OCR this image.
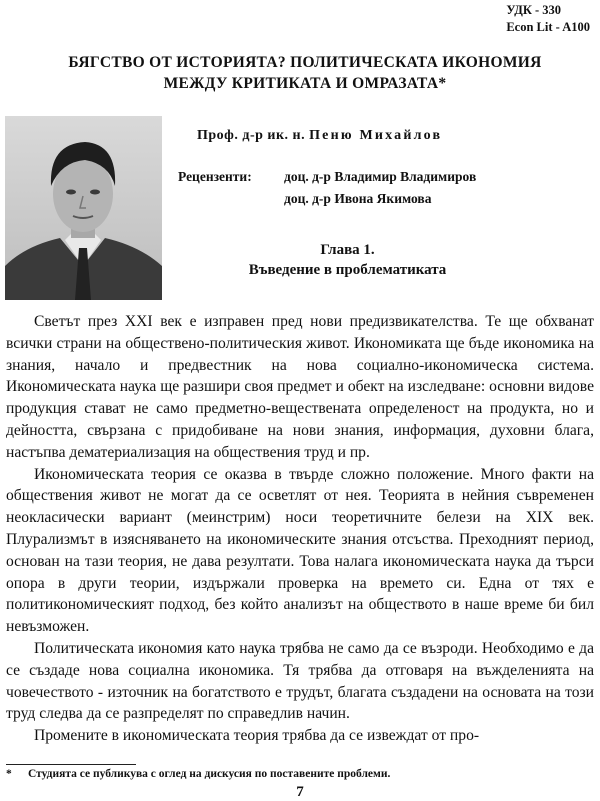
УДК - 330
Econ Lit - A100
БЯГСТВО ОТ ИСТОРИЯТА? ПОЛИТИЧЕСКАТА ИКОНОМИЯ
МЕЖДУ КРИТИКАТА И ОМРАЗАТА*
Проф. д-р ик. н. Пеню Михайлов
Рецензенти: доц. д-р Владимир Владимиров
доц. д-р Ивона Якимова
Глава 1.
Въведение в проблематиката

Светът през XXI век е изправен пред нови предизвикателства. Те ще обхванат всички страни на обществено-политическия живот. Икономиката ще бъде икономика на знания, начало и предвестник на нова социално-икономическа система. Икономическата наука ще разшири своя предмет и обект на изследване: основни видове продукция стават не само предметно-веществената определеност на продукта, но и дейността, свързана с придобиване на нови знания, информация, духовни блага, настъпва дематериализация на обществения труд и пр.

Икономическата теория се оказва в твърде сложно положение. Много факти на обществения живот не могат да се осветлят от нея. Теорията в нейния съвременен неокласически вариант (меинстрим) носи теоретичните белези на XIX век. Плурализмът в изясняването на икономическите знания отсъства. Преходният период, основан на тази теория, не дава резултати. Това налага икономическата наука да търси опора в други теории, издържали проверка на времето си. Една от тях е политикономическият подход, без който анализът на обществото в наше време би бил невъзможен.

Политическата икономия като наука трябва не само да се възроди. Необходимо е да се създаде нова социална икономика. Тя трябва да отговаря на въжделенията на човечеството - източник на богатството е трудът, благата създадени на основата на този труд следва да се разпределят по справедлив начин.

Промените в икономическата теория трябва да се извеждат от про-

* Студията се публикува с оглед на дискусия по поставените проблеми.
7
